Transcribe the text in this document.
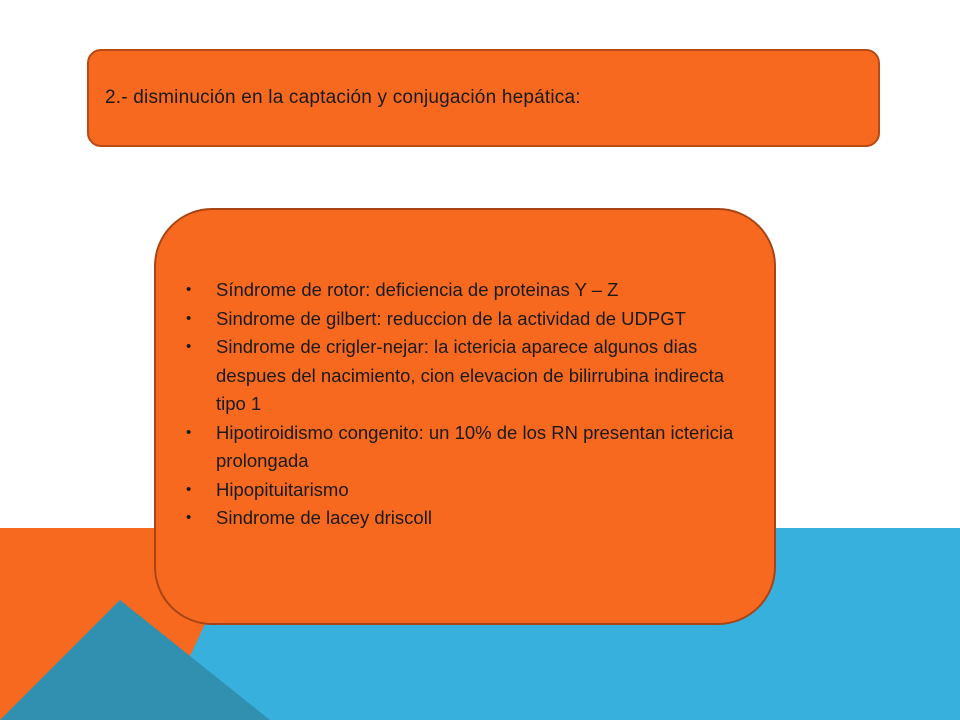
2.- disminución en la captación y conjugación hepática:
•	Síndrome de rotor: deficiencia de proteinas Y – Z
•	Sindrome de gilbert: reduccion de la actividad de UDPGT
•	Sindrome de crigler-nejar: la ictericia aparece algunos dias despues del nacimiento, cion elevacion de bilirrubina indirecta tipo 1
•	Hipotiroidismo congenito: un 10% de los RN presentan ictericia prolongada
•	Hipopituitarismo
•	Sindrome de lacey driscoll
